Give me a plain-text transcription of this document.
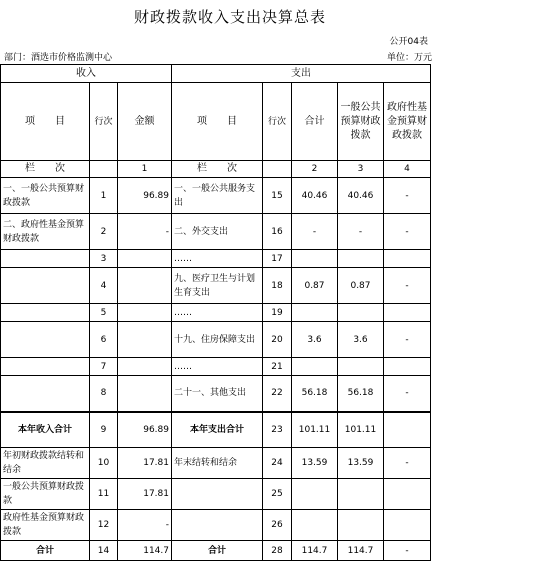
财政拨款收入支出决算总表
公开04表
部门：酒选市价格监测中心	单位：万元
收入			支出				
项　　目	行次	金额	项　　目	行次	合计	一般公共预算财政拨款	政府性基金预算财政拨款
栏　　次		1	栏　　次		2	3	4
一、一般公共预算财政拨款	1	96.89	一、一般公共服务支出	15	40.46	40.46	-
二、政府性基金预算财政拨款	2	-	二、外交支出	16	-	-	-
	3		……	17			
	4		九、医疗卫生与计划生育支出	18	0.87	0.87	-
	5		……	19			
	6		十九、住房保障支出	20	3.6	3.6	-
	7		……	21			
	8		二十一、其他支出	22	56.18	56.18	-
本年收入合计	9	96.89	本年支出合计	23	101.11	101.11	
年初财政拨款结转和结余	10	17.81	年末结转和结余	24	13.59	13.59	-
一般公共预算财政拨款	11	17.81		25			
政府性基金预算财政拨款	12	-		26			
合计	14	114.7	合计	28	114.7	114.7	-
